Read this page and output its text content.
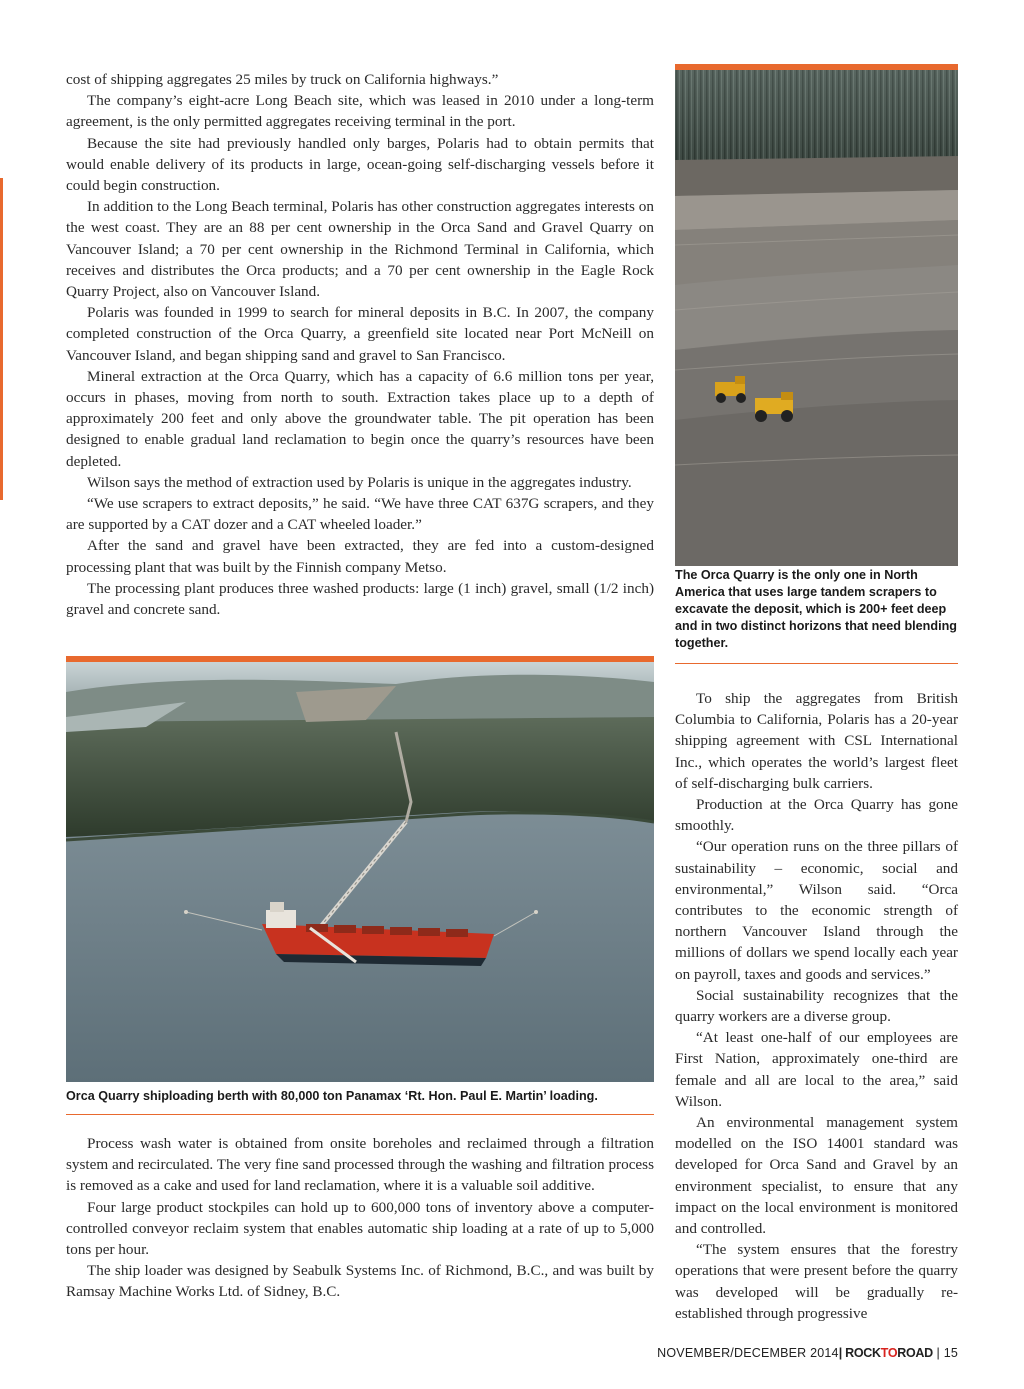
cost of shipping aggregates 25 miles by truck on California highways.”

The company’s eight-acre Long Beach site, which was leased in 2010 under a long-term agreement, is the only permitted aggregates receiving terminal in the port.

Because the site had previously handled only barges, Polaris had to obtain permits that would enable delivery of its products in large, ocean-going self-discharging vessels before it could begin construction.

In addition to the Long Beach terminal, Polaris has other construction aggregates interests on the west coast. They are an 88 per cent ownership in the Orca Sand and Gravel Quarry on Vancouver Island; a 70 per cent ownership in the Richmond Terminal in California, which receives and distributes the Orca products; and a 70 per cent ownership in the Eagle Rock Quarry Project, also on Vancouver Island.

Polaris was founded in 1999 to search for mineral deposits in B.C. In 2007, the company completed construction of the Orca Quarry, a greenfield site located near Port McNeill on Vancouver Island, and began shipping sand and gravel to San Francisco.

Mineral extraction at the Orca Quarry, which has a capacity of 6.6 million tons per year, occurs in phases, moving from north to south. Extraction takes place up to a depth of approximately 200 feet and only above the groundwater table. The pit operation has been designed to enable gradual land reclamation to begin once the quarry’s resources have been depleted.

Wilson says the method of extraction used by Polaris is unique in the aggregates industry.

“We use scrapers to extract deposits,” he said. “We have three CAT 637G scrapers, and they are supported by a CAT dozer and a CAT wheeled loader.”

After the sand and gravel have been extracted, they are fed into a custom-designed processing plant that was built by the Finnish company Metso.

The processing plant produces three washed products: large (1 inch) gravel, small (1/2 inch) gravel and concrete sand.

The Orca Quarry is the only one in North America that uses large tandem scrapers to excavate the deposit, which is 200+ feet deep and in two distinct horizons that need blending together.
Orca Quarry shiploading berth with 80,000 ton Panamax ‘Rt. Hon. Paul E. Martin’ loading.

Process wash water is obtained from onsite boreholes and reclaimed through a filtration system and recirculated. The very fine sand processed through the washing and filtration process is removed as a cake and used for land reclamation, where it is a valuable soil additive.

Four large product stockpiles can hold up to 600,000 tons of inventory above a computer-controlled conveyor reclaim system that enables automatic ship loading at a rate of up to 5,000 tons per hour.

The ship loader was designed by Seabulk Systems Inc. of Richmond, B.C., and was built by Ramsay Machine Works Ltd. of Sidney, B.C.

To ship the aggregates from British Columbia to California, Polaris has a 20-year shipping agreement with CSL International Inc., which operates the world’s largest fleet of self-discharging bulk carriers.

Production at the Orca Quarry has gone smoothly.

“Our operation runs on the three pillars of sustainability – economic, social and environmental,” Wilson said. “Orca contributes to the economic strength of northern Vancouver Island through the millions of dollars we spend locally each year on payroll, taxes and goods and services.”

Social sustainability recognizes that the quarry workers are a diverse group.

“At least one-half of our employees are First Nation, approximately one-third are female and all are local to the area,” said Wilson.

An environmental management system modelled on the ISO 14001 standard was developed for Orca Sand and Gravel by an environment specialist, to ensure that any impact on the local environment is monitored and controlled.

“The system ensures that the forestry operations that were present before the quarry was developed will be gradually re-established through progressive

NOVEMBER/DECEMBER 2014| ROCKTOROAD | 15
